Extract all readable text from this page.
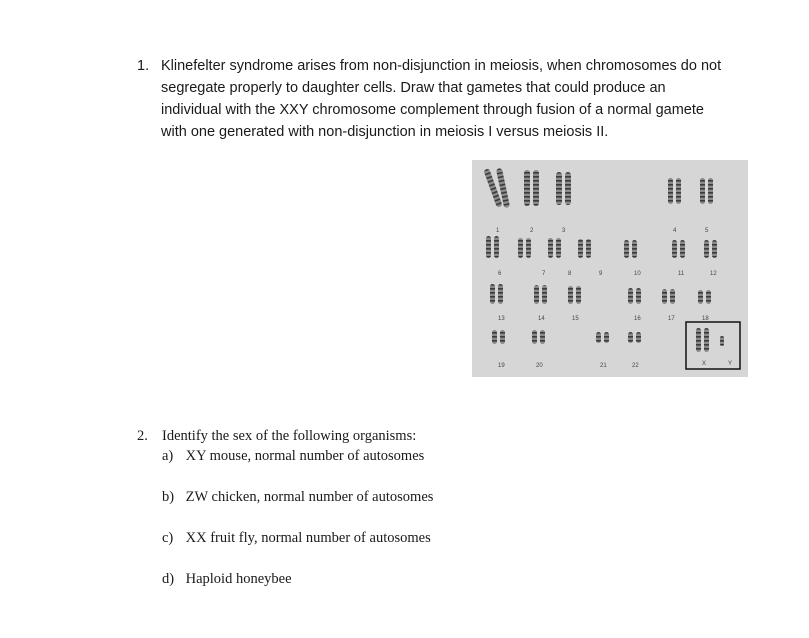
1. Klinefelter syndrome arises from non-disjunction in meiosis, when chromosomes do not
segregate properly to daughter cells. Draw that gametes that could produce an
individual with the XXY chromosome complement through fusion of a normal gamete
with one generated with non-disjunction in meiosis I versus meiosis II.
1	2	3	4	5
6	7	8	9	10	11	12
13	14	15	16	17	18
19	20	21	22	X	Y
2. Identify the sex of the following organisms:
a) XY mouse, normal number of autosomes
b) ZW chicken, normal number of autosomes
c) XX fruit fly, normal number of autosomes
d) Haploid honeybee
